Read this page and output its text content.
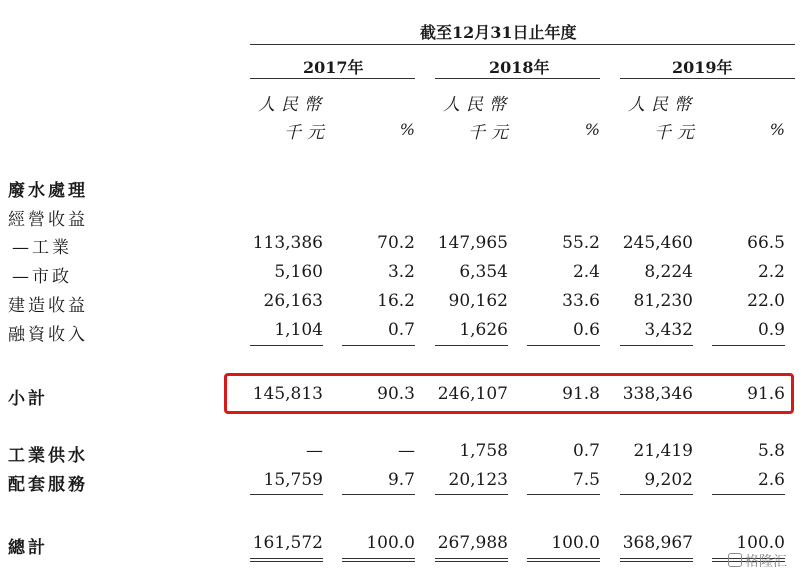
截至12月31日止年度
2017年	2018年	2019年
人民幣	人民幣	人民幣
千元	千元	千元
%	%	%
廢水處理
經營收益
—工業	113,386	70.2	147,965	55.2	245,460	66.5
—市政	5,160	3.2	6,354	2.4	8,224	2.2
建造收益	26,163	16.2	90,162	33.6	81,230	22.0
融資收入	1,104	0.7	1,626	0.6	3,432	0.9
小計	145,813	90.3	246,107	91.8	338,346	91.6
工業供水	—	—	1,758	0.7	21,419	5.8
配套服務	15,759	9.7	20,123	7.5	9,202	2.6
總計	161,572	100.0	267,988	100.0	368,967	100.0
格隆汇
